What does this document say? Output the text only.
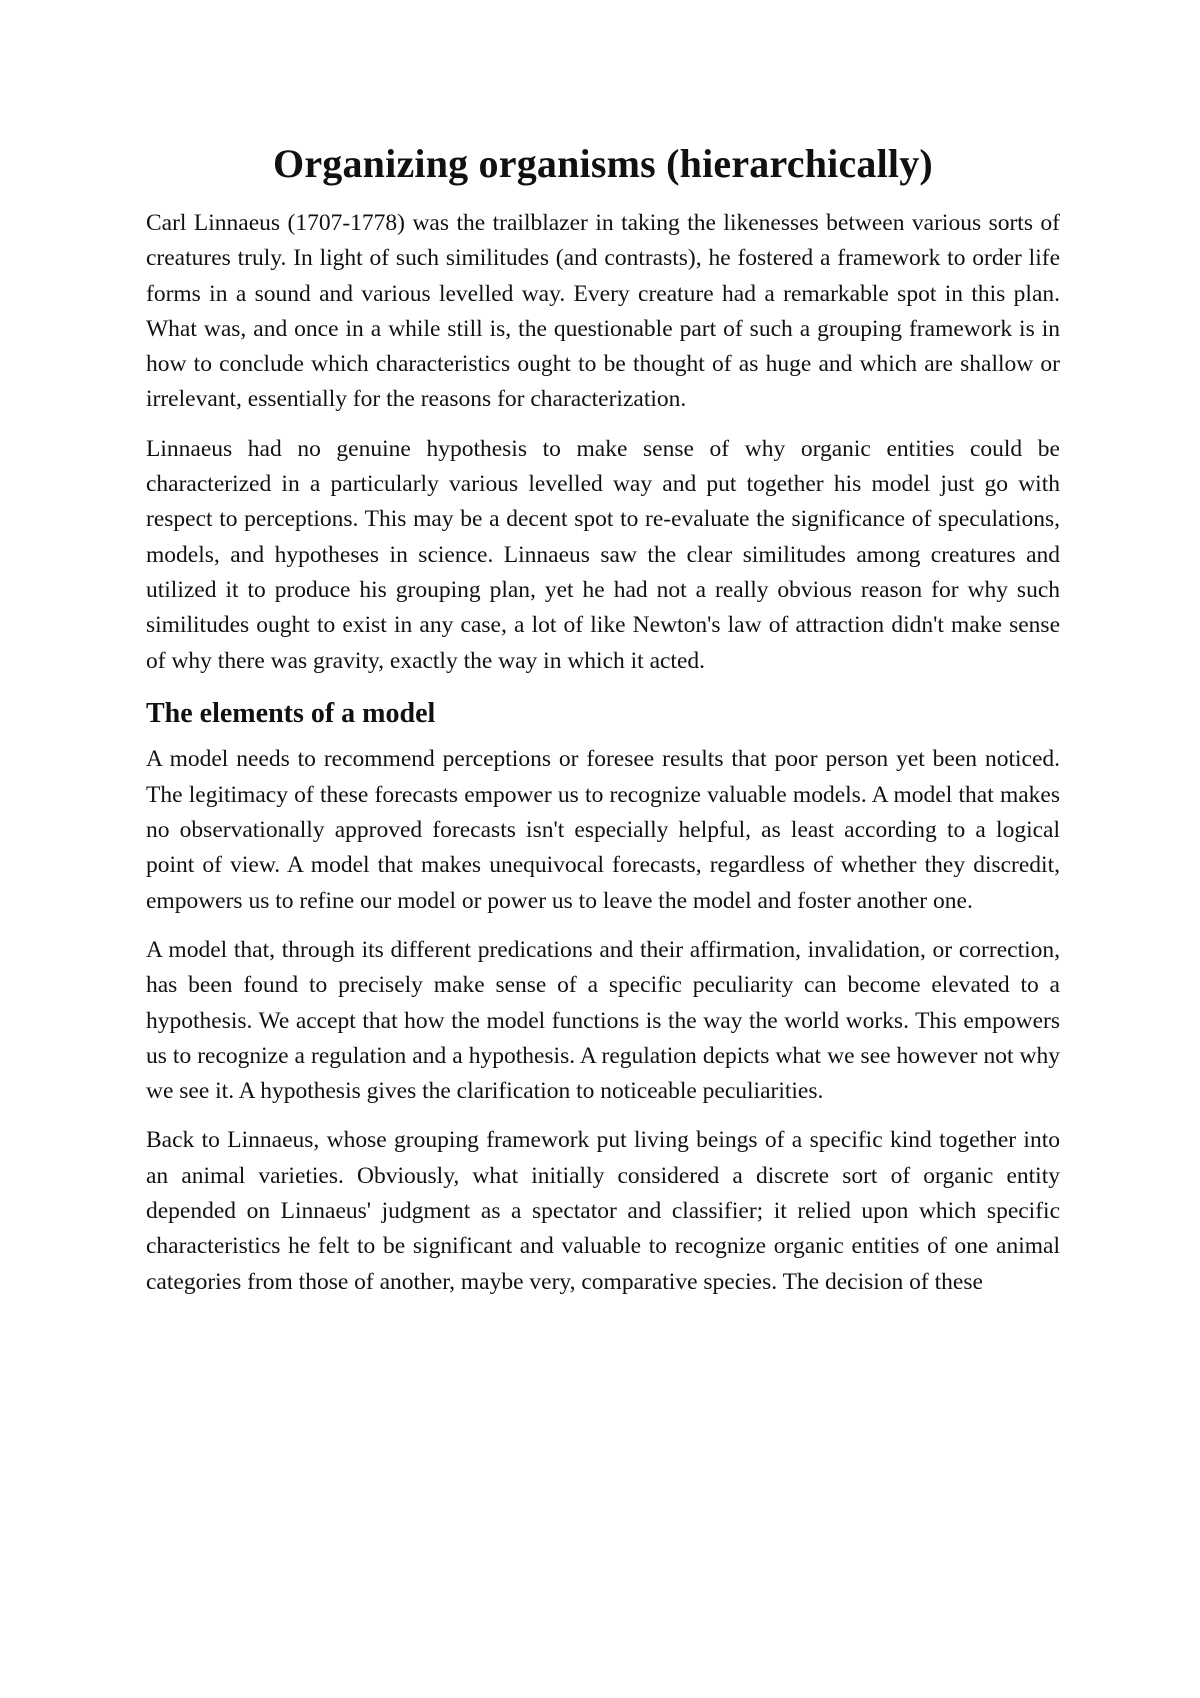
Organizing organisms (hierarchically)

Carl Linnaeus (1707-1778) was the trailblazer in taking the likenesses between various sorts of creatures truly. In light of such similitudes (and contrasts), he fostered a framework to order life forms in a sound and various levelled way. Every creature had a remarkable spot in this plan. What was, and once in a while still is, the questionable part of such a grouping framework is in how to conclude which characteristics ought to be thought of as huge and which are shallow or irrelevant, essentially for the reasons for characterization.

Linnaeus had no genuine hypothesis to make sense of why organic entities could be characterized in a particularly various levelled way and put together his model just go with respect to perceptions. This may be a decent spot to re-evaluate the significance of speculations, models, and hypotheses in science. Linnaeus saw the clear similitudes among creatures and utilized it to produce his grouping plan, yet he had not a really obvious reason for why such similitudes ought to exist in any case, a lot of like Newton's law of attraction didn't make sense of why there was gravity, exactly the way in which it acted.

The elements of a model

A model needs to recommend perceptions or foresee results that poor person yet been noticed. The legitimacy of these forecasts empower us to recognize valuable models. A model that makes no observationally approved forecasts isn't especially helpful, as least according to a logical point of view. A model that makes unequivocal forecasts, regardless of whether they discredit, empowers us to refine our model or power us to leave the model and foster another one.

A model that, through its different predications and their affirmation, invalidation, or correction, has been found to precisely make sense of a specific peculiarity can become elevated to a hypothesis. We accept that how the model functions is the way the world works. This empowers us to recognize a regulation and a hypothesis. A regulation depicts what we see however not why we see it. A hypothesis gives the clarification to noticeable peculiarities.

Back to Linnaeus, whose grouping framework put living beings of a specific kind together into an animal varieties. Obviously, what initially considered a discrete sort of organic entity depended on Linnaeus' judgment as a spectator and classifier; it relied upon which specific characteristics he felt to be significant and valuable to recognize organic entities of one animal categories from those of another, maybe very, comparative species. The decision of these
